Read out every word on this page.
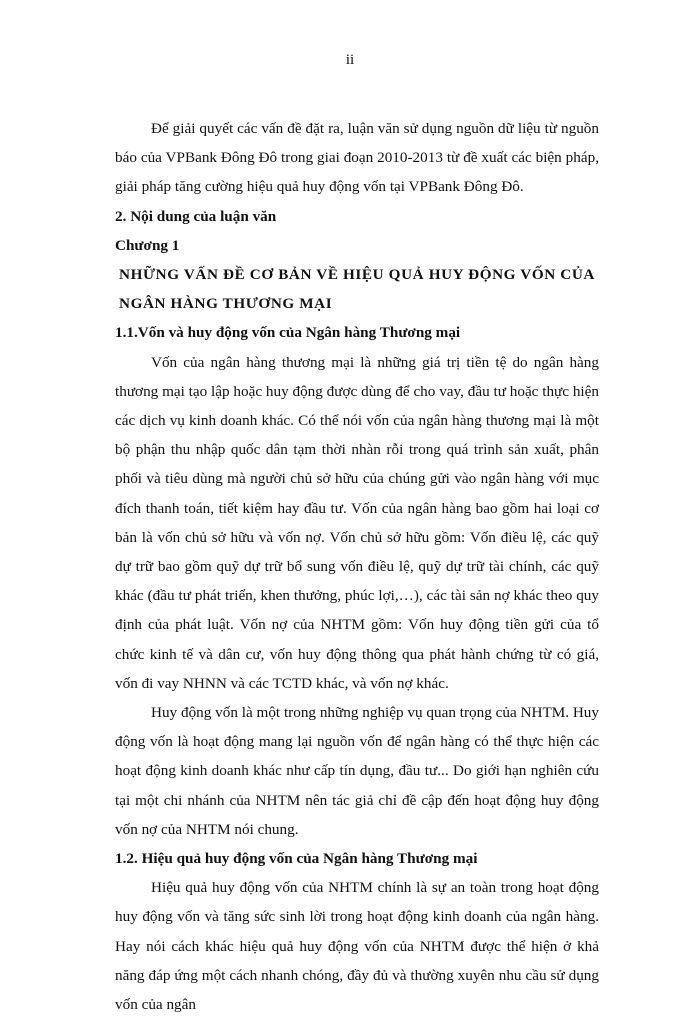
ii

Để giải quyết các vấn đề đặt ra, luận văn sử dụng nguồn dữ liệu từ nguồn báo của VPBank Đông Đô trong giai đoạn 2010-2013 từ đề xuất các biện pháp, giải pháp tăng cường hiệu quả huy động vốn tại VPBank Đông Đô.

2. Nội dung của luận văn

Chương 1

NHỮNG VẤN ĐỀ CƠ BẢN VỀ HIỆU QUẢ HUY ĐỘNG VỐN CỦA NGÂN HÀNG THƯƠNG MẠI

1.1.Vốn và huy động vốn của Ngân hàng Thương mại

Vốn của ngân hàng thương mại là những giá trị tiền tệ do ngân hàng thương mại tạo lập hoặc huy động được dùng để cho vay, đầu tư hoặc thực hiện các dịch vụ kinh doanh khác. Có thể nói vốn của ngân hàng thương mại là một bộ phận thu nhập quốc dân tạm thời nhàn rỗi trong quá trình sản xuất, phân phối và tiêu dùng mà người chủ sở hữu của chúng gửi vào ngân hàng với mục đích thanh toán, tiết kiệm hay đầu tư. Vốn của ngân hàng bao gồm hai loại cơ bản là vốn chủ sở hữu và vốn nợ. Vốn chủ sở hữu gồm: Vốn điều lệ, các quỹ dự trữ bao gồm quỹ dự trữ bổ sung vốn điều lệ, quỹ dự trữ tài chính, các quỹ khác (đầu tư phát triển, khen thưởng, phúc lợi,…), các tài sản nợ khác theo quy định của phát luật. Vốn nợ của NHTM gồm: Vốn huy động tiền gửi của tổ chức kinh tế và dân cư, vốn huy động thông qua phát hành chứng từ có giá, vốn đi vay NHNN và các TCTD khác, và vốn nợ khác.

Huy động vốn là một trong những nghiệp vụ quan trọng của NHTM. Huy động vốn là hoạt động mang lại nguồn vốn để ngân hàng có thể thực hiện các hoạt động kinh doanh khác như cấp tín dụng, đầu tư... Do giới hạn nghiên cứu tại một chi nhánh của NHTM nên tác giả chỉ đề cập đến hoạt động huy động vốn nợ của NHTM nói chung.

1.2. Hiệu quả huy động vốn của Ngân hàng Thương mại

Hiệu quả huy động vốn của NHTM chính là sự an toàn trong hoạt động huy động vốn và tăng sức sinh lời trong hoạt động kinh doanh của ngân hàng. Hay nói cách khác hiệu quả huy động vốn của NHTM được thể hiện ở khả năng đáp ứng một cách nhanh chóng, đầy đủ và thường xuyên nhu cầu sử dụng vốn của ngân
